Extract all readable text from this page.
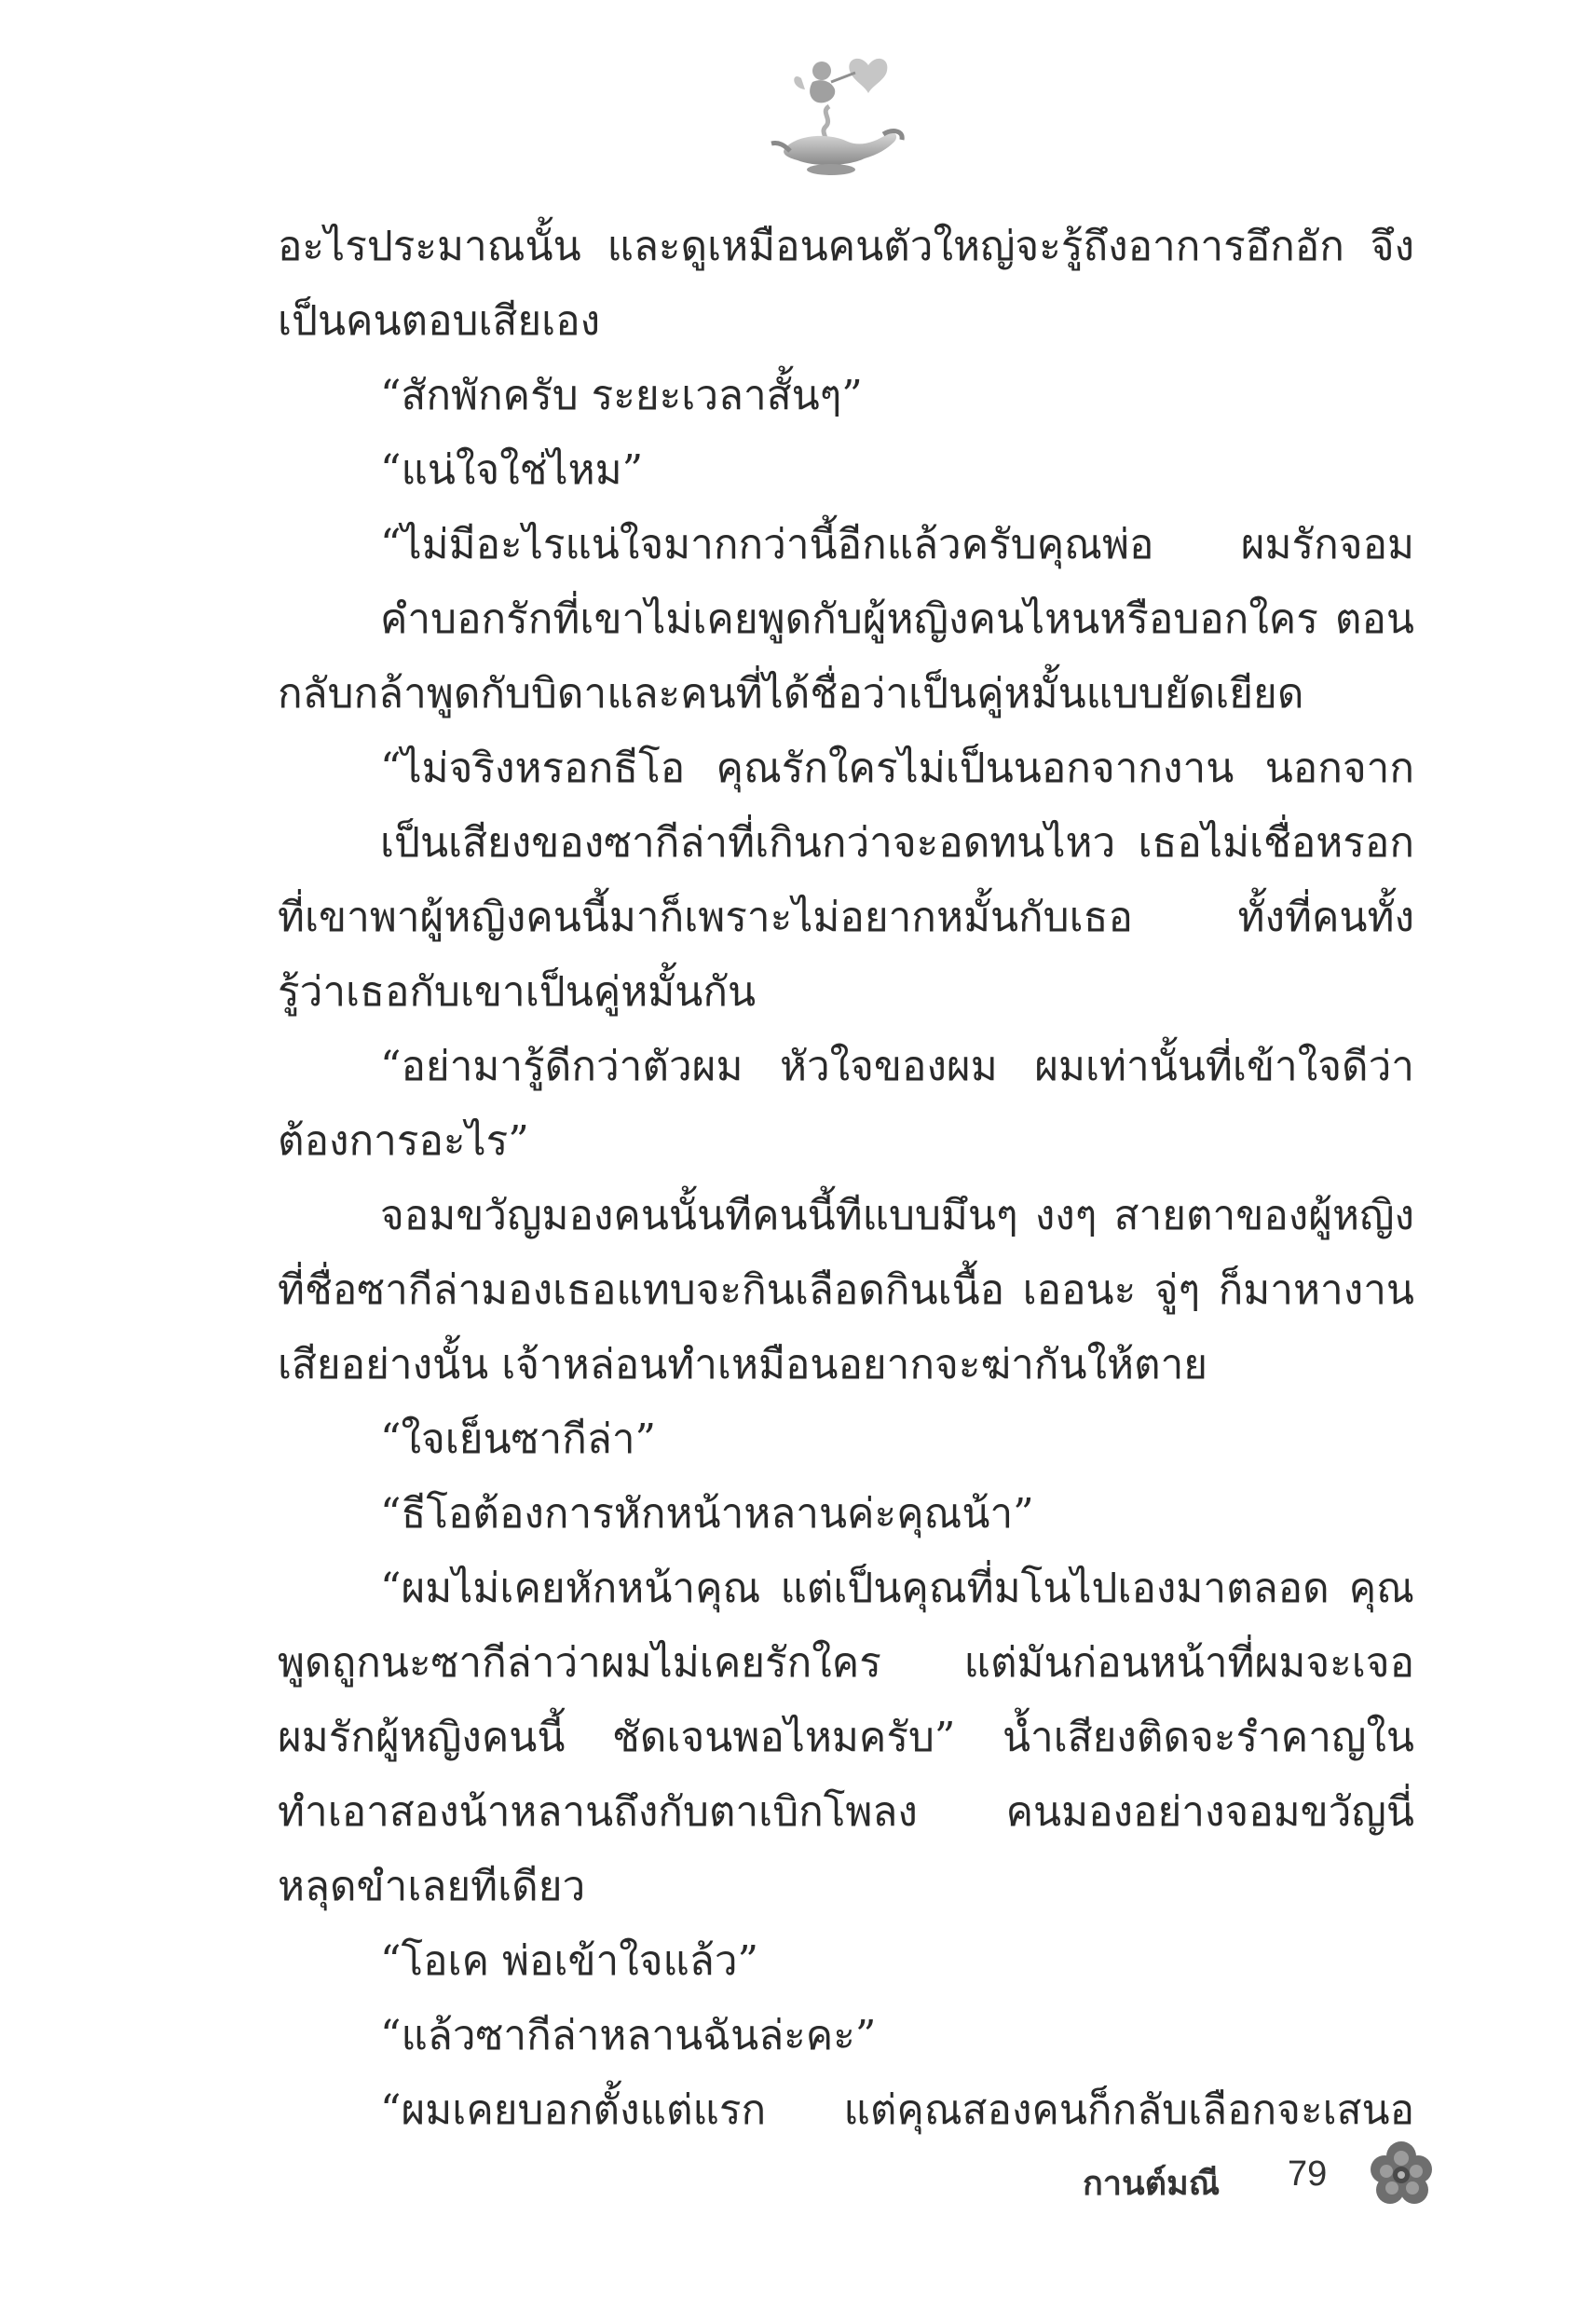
อะไรประมาณนั้น และดูเหมือนคนตัวใหญ่จะรู้ถึงอาการอึกอัก จึง
เป็นคนตอบเสียเอง
“สักพักครับ ระยะเวลาสั้นๆ”
“แน่ใจใช่ไหม”
“ไม่มีอะไรแน่ใจมากกว่านี้อีกแล้วครับคุณพ่อ ผมรักจอม
คำบอกรักที่เขาไม่เคยพูดกับผู้หญิงคนไหนหรือบอกใคร ตอน
กลับกล้าพูดกับบิดาและคนที่ได้ชื่อว่าเป็นคู่หมั้นแบบยัดเยียด
“ไม่จริงหรอกธีโอ คุณรักใครไม่เป็นนอกจากงาน นอกจาก
เป็นเสียงของซากีล่าที่เกินกว่าจะอดทนไหว เธอไม่เชื่อหรอก
ที่เขาพาผู้หญิงคนนี้มาก็เพราะไม่อยากหมั้นกับเธอ ทั้งที่คนทั้ง
รู้ว่าเธอกับเขาเป็นคู่หมั้นกัน
“อย่ามารู้ดีกว่าตัวผม หัวใจของผม ผมเท่านั้นที่เข้าใจดีว่า
ต้องการอะไร”
จอมขวัญมองคนนั้นทีคนนี้ทีแบบมึนๆ งงๆ สายตาของผู้หญิง
ที่ชื่อซากีล่ามองเธอแทบจะกินเลือดกินเนื้อ เออนะ จู่ๆ ก็มาหางาน
เสียอย่างนั้น เจ้าหล่อนทำเหมือนอยากจะฆ่ากันให้ตาย
“ใจเย็นซากีล่า”
“ธีโอต้องการหักหน้าหลานค่ะคุณน้า”
“ผมไม่เคยหักหน้าคุณ แต่เป็นคุณที่มโนไปเองมาตลอด คุณ
พูดถูกนะซากีล่าว่าผมไม่เคยรักใคร แต่มันก่อนหน้าที่ผมจะเจอ
ผมรักผู้หญิงคนนี้ ชัดเจนพอไหมครับ” น้ำเสียงติดจะรำคาญใน
ทำเอาสองน้าหลานถึงกับตาเบิกโพลง คนมองอย่างจอมขวัญนี่
หลุดขำเลยทีเดียว
“โอเค พ่อเข้าใจแล้ว”
“แล้วซากีล่าหลานฉันล่ะคะ”
“ผมเคยบอกตั้งแต่แรก แต่คุณสองคนก็กลับเลือกจะเสนอ
กานต์มณี 79
